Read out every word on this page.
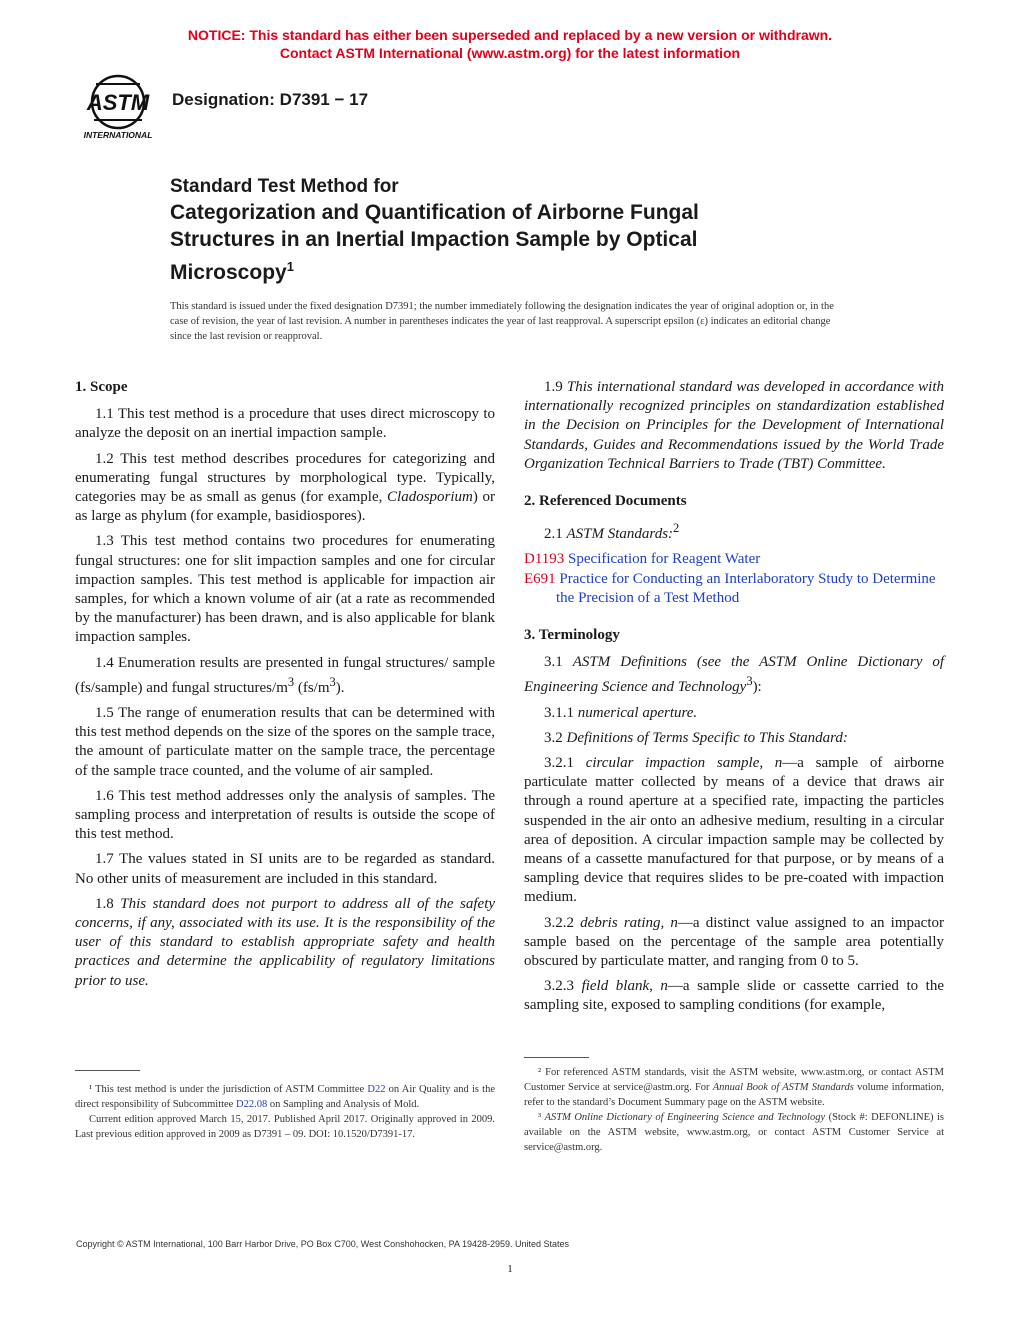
NOTICE: This standard has either been superseded and replaced by a new version or withdrawn.
Contact ASTM International (www.astm.org) for the latest information
ASTM
INTERNATIONAL
Designation: D7391 − 17
Standard Test Method for
Categorization and Quantification of Airborne Fungal
Structures in an Inertial Impaction Sample by Optical
Microscopy$^1$
This standard is issued under the fixed designation D7391; the number immediately following the designation indicates the year of original adoption or, in the case of revision, the year of last revision. A number in parentheses indicates the year of last reapproval. A superscript epsilon (ε) indicates an editorial change since the last revision or reapproval.
1. Scope

1.1 This test method is a procedure that uses direct microscopy to analyze the deposit on an inertial impaction sample.

1.2 This test method describes procedures for categorizing and enumerating fungal structures by morphological type. Typically, categories may be as small as genus (for example, Cladosporium) or as large as phylum (for example, basidiospores).

1.3 This test method contains two procedures for enumerating fungal structures: one for slit impaction samples and one for circular impaction samples. This test method is applicable for impaction air samples, for which a known volume of air (at a rate as recommended by the manufacturer) has been drawn, and is also applicable for blank impaction samples.

1.4 Enumeration results are presented in fungal structures/ sample (fs/sample) and fungal structures/$m^3$ $(fs/m^3)$.

1.5 The range of enumeration results that can be determined with this test method depends on the size of the spores on the sample trace, the amount of particulate matter on the sample trace, the percentage of the sample trace counted, and the volume of air sampled.

1.6 This test method addresses only the analysis of samples. The sampling process and interpretation of results is outside the scope of this test method.

1.7 The values stated in SI units are to be regarded as standard. No other units of measurement are included in this standard.

1.8 This standard does not purport to address all of the safety concerns, if any, associated with its use. It is the responsibility of the user of this standard to establish appropriate safety and health practices and determine the applicability of regulatory limitations prior to use.

1.9 This international standard was developed in accordance with internationally recognized principles on standardization established in the Decision on Principles for the Development of International Standards, Guides and Recommendations issued by the World Trade Organization Technical Barriers to Trade (TBT) Committee.

2. Referenced Documents

2.1 ASTM Standards:$^2$

D1193 Specification for Reagent Water
E691 Practice for Conducting an Interlaboratory Study to Determine the Precision of a Test Method
3. Terminology

3.1 ASTM Definitions (see the ASTM Online Dictionary of Engineering Science and Technology$^3$):

3.1.1 numerical aperture.

3.2 Definitions of Terms Specific to This Standard:

3.2.1 circular impaction sample, n—a sample of airborne particulate matter collected by means of a device that draws air through a round aperture at a specified rate, impacting the particles suspended in the air onto an adhesive medium, resulting in a circular area of deposition. A circular impaction sample may be collected by means of a cassette manufactured for that purpose, or by means of a sampling device that requires slides to be pre-coated with impaction medium.

3.2.2 debris rating, n—a distinct value assigned to an impactor sample based on the percentage of the sample area potentially obscured by particulate matter, and ranging from 0 to 5.

3.2.3 field blank, n—a sample slide or cassette carried to the sampling site, exposed to sampling conditions (for example,

¹ This test method is under the jurisdiction of ASTM Committee D22 on Air Quality and is the direct responsibility of Subcommittee D22.08 on Sampling and Analysis of Mold.

Current edition approved March 15, 2017. Published April 2017. Originally approved in 2009. Last previous edition approved in 2009 as D7391 – 09. DOI: 10.1520/D7391-17.

² For referenced ASTM standards, visit the ASTM website, www.astm.org, or contact ASTM Customer Service at service@astm.org. For Annual Book of ASTM Standards volume information, refer to the standard’s Document Summary page on the ASTM website.

³ ASTM Online Dictionary of Engineering Science and Technology (Stock #: DEFONLINE) is available on the ASTM website, www.astm.org, or contact ASTM Customer Service at service@astm.org.

Copyright © ASTM International, 100 Barr Harbor Drive, PO Box C700, West Conshohocken, PA 19428-2959. United States
1
